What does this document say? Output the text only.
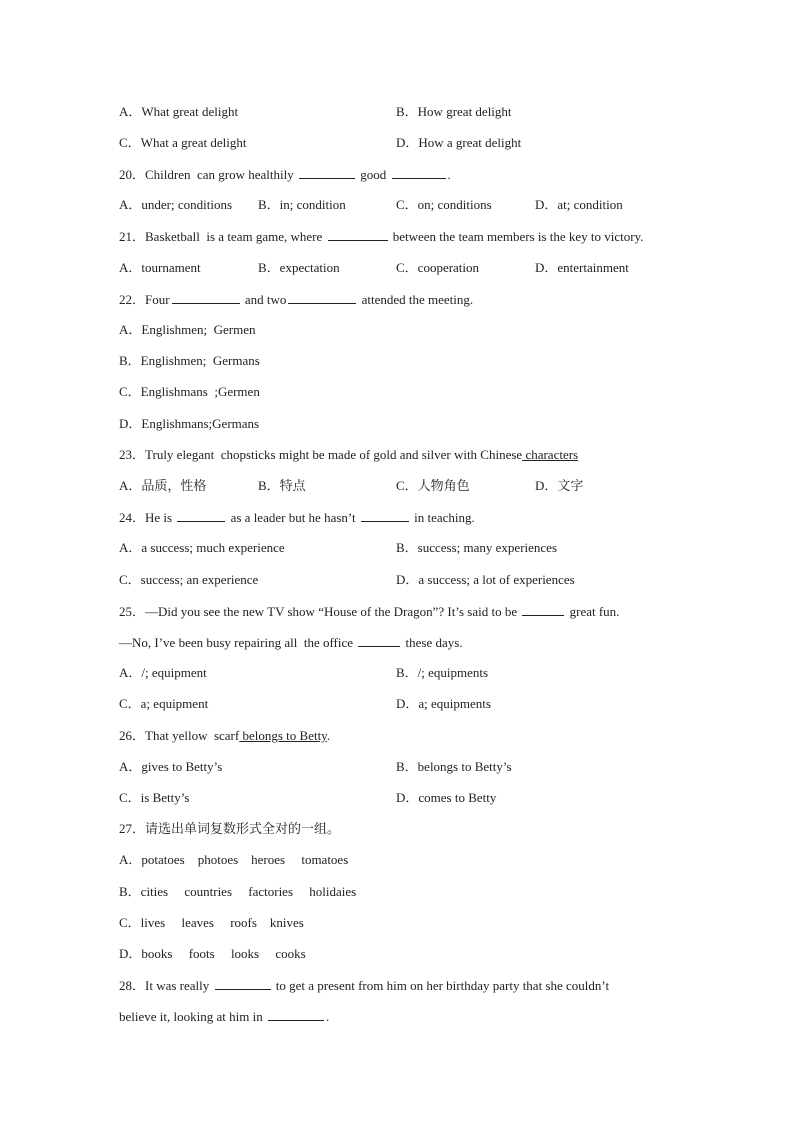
A．What great delight	B．How great delight
C．What a great delight	D．How a great delight
20．Children  can grow healthily	good	.
A．under; conditions B．in; condition	C．on; conditions	D．at; condition
21．Basketball  is a team game, where	between the team members is the key to victory.
A．tournament	B．expectation	C．cooperation	D．entertainment
22．Four	and two	attended the meeting.
A．Englishmen;  Germen
B．Englishmen;  Germans
C．Englishmans  ;Germen
D．Englishmans;Germans
23．Truly elegant  chopsticks might be made of gold and silver with Chinese characters
A．品质，性格	B．特点	C．人物角色	D．文字
24．He is	as a leader but he hasn’t	in teaching.
A．a success; much experience	B．success; many experiences
C．success; an experience	D．a success; a lot of experiences
25．—Did you see the new TV show “House of the Dragon”? It’s said to be	great fun.
—No, I’ve been busy repairing all  the office	these days.
A．/; equipment	B．/; equipments
C．a; equipment	D．a; equipments
26．That yellow  scarf belongs to Betty.
A．gives to Betty’s	B．belongs to Betty’s
C．is Betty’s	D．comes to Betty
27．请选出单词复数形式全对的一组。
A．potatoes    photoes    heroes     tomatoes
B．cities     countries     factories     holidaies
C．lives     leaves     roofs    knives
D．books     foots     looks     cooks
28．It was really	to get a present from him on her birthday party that she couldn’t
believe it, looking at him in	.
